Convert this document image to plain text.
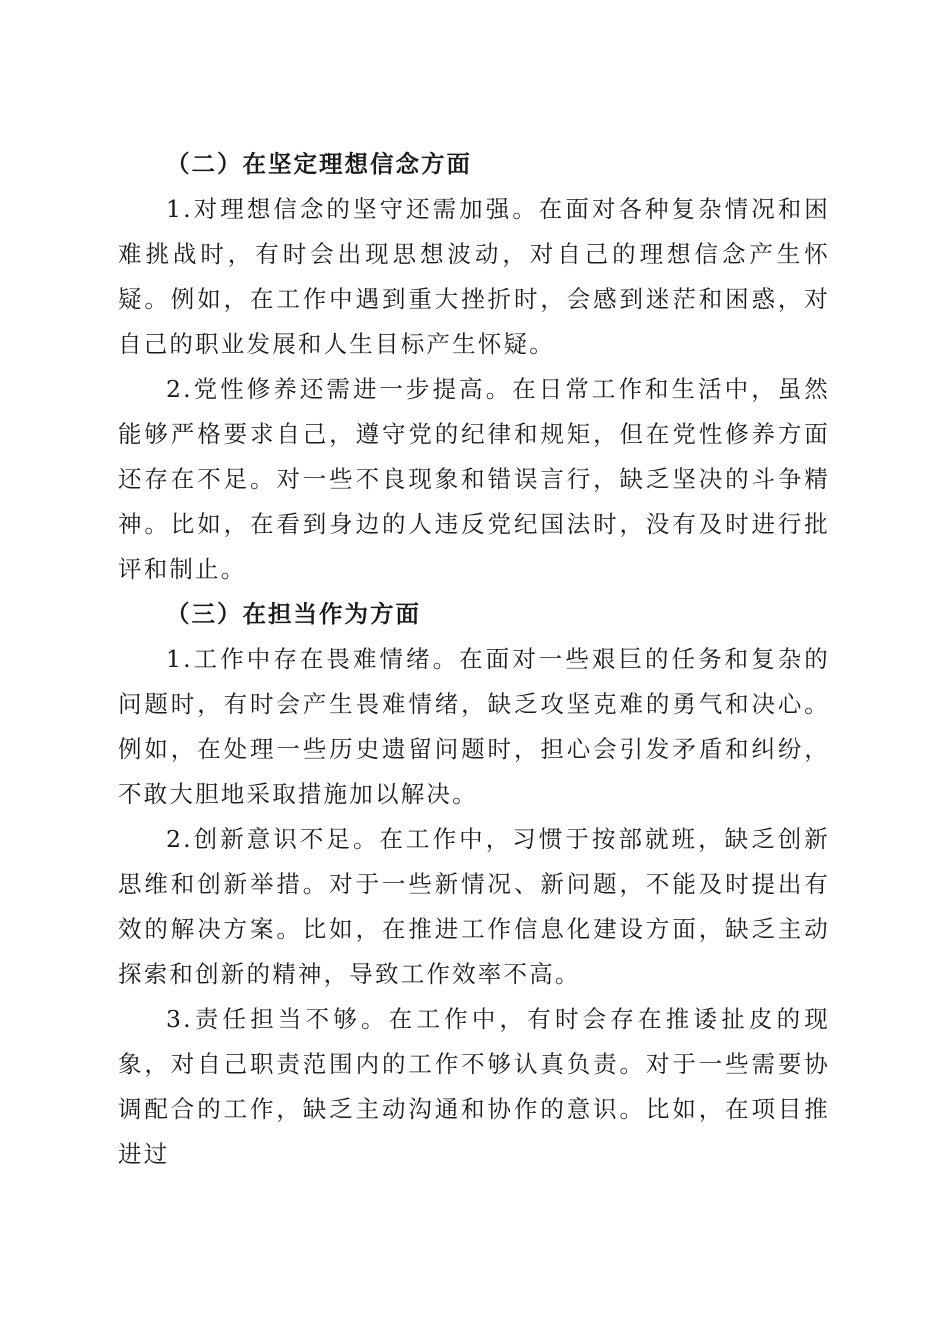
（二）在坚定理想信念方面

1.对理想信念的坚守还需加强。在面对各种复杂情况和困难挑战时，有时会出现思想波动，对自己的理想信念产生怀疑。例如，在工作中遇到重大挫折时，会感到迷茫和困惑，对自己的职业发展和人生目标产生怀疑。

2.党性修养还需进一步提高。在日常工作和生活中，虽然能够严格要求自己，遵守党的纪律和规矩，但在党性修养方面还存在不足。对一些不良现象和错误言行，缺乏坚决的斗争精神。比如，在看到身边的人违反党纪国法时，没有及时进行批评和制止。

（三）在担当作为方面

1.工作中存在畏难情绪。在面对一些艰巨的任务和复杂的问题时，有时会产生畏难情绪，缺乏攻坚克难的勇气和决心。例如，在处理一些历史遗留问题时，担心会引发矛盾和纠纷，不敢大胆地采取措施加以解决。

2.创新意识不足。在工作中，习惯于按部就班，缺乏创新思维和创新举措。对于一些新情况、新问题，不能及时提出有效的解决方案。比如，在推进工作信息化建设方面，缺乏主动探索和创新的精神，导致工作效率不高。

3.责任担当不够。在工作中，有时会存在推诿扯皮的现象，对自己职责范围内的工作不够认真负责。对于一些需要协调配合的工作，缺乏主动沟通和协作的意识。比如，在项目推进过
